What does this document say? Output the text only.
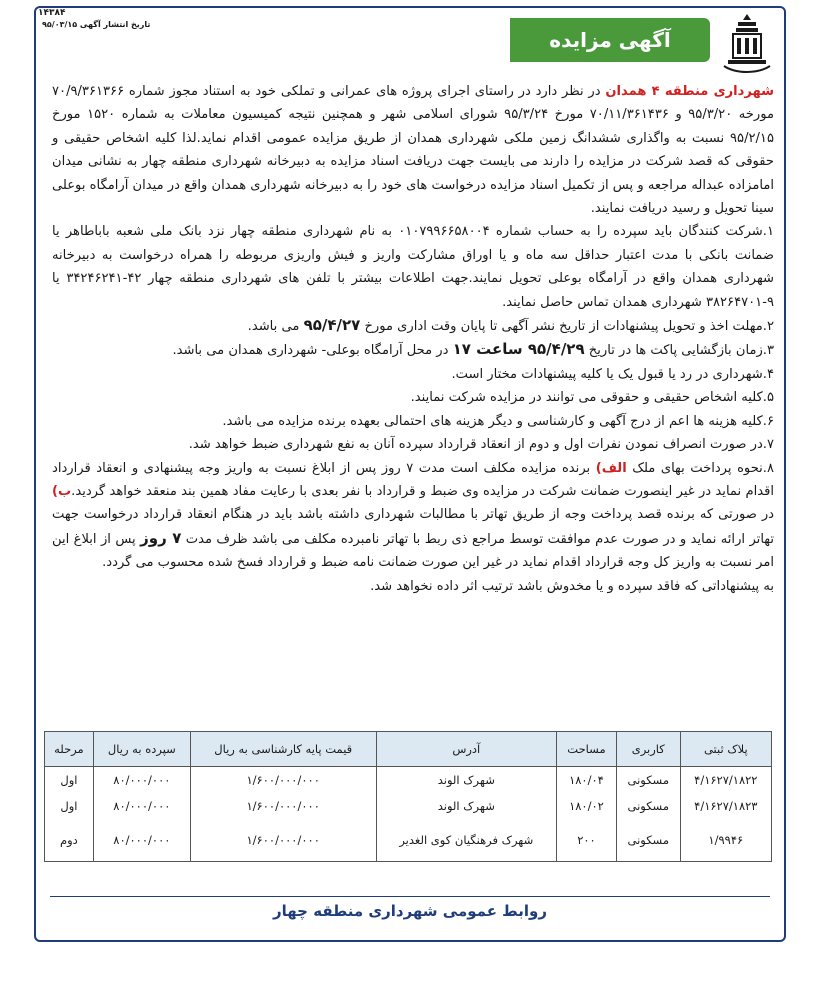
۱۴۳۸۴
تاریخ انتشار آگهی ۹۵/۰۳/۱۵
آگهی مزایده

شهرداری منطقه ۴ همدان در نظر دارد در راستای اجرای پروژه های عمرانی و تملکی خود به استناد مجوز شماره ۷۰/۹/۳۶۱۳۶۶ مورخه ۹۵/۳/۲۰ و ۷۰/۱۱/۳۶۱۴۳۶ مورخ ۹۵/۳/۲۴ شورای اسلامی شهر و همچنین نتیجه کمیسیون معاملات به شماره ۱۵۲۰ مورخ ۹۵/۲/۱۵ نسبت به واگذاری ششدانگ زمین ملکی شهرداری همدان از طریق مزایده عمومی اقدام نماید.لذا کلیه اشخاص حقیقی و حقوقی که قصد شرکت در مزایده را دارند می بایست جهت دریافت اسناد مزایده به دبیرخانه شهرداری منطقه چهار به نشانی میدان امامزاده عبداله مراجعه و پس از تکمیل اسناد مزایده درخواست های خود را به دبیرخانه شهرداری همدان واقع در میدان آرامگاه بوعلی سینا تحویل و رسید دریافت نمایند.

۱.شرکت کنندگان باید سپرده را به حساب شماره ۰۱۰۷۹۹۶۶۵۸۰۰۴ به نام شهرداری منطقه چهار نزد بانک ملی شعبه باباطاهر یا ضمانت بانکی با مدت اعتبار حداقل سه ماه و یا اوراق مشارکت واریز و فیش واریزی مربوطه را همراه درخواست به دبیرخانه شهرداری همدان واقع در آرامگاه بوعلی تحویل نمایند.جهت اطلاعات بیشتر با تلفن های شهرداری منطقه چهار ۴۲-۳۴۲۴۶۲۴۱ یا ۹-۳۸۲۶۴۷۰۱ شهرداری همدان تماس حاصل نمایند.

۲.مهلت اخذ و تحویل پیشنهادات از تاریخ نشر آگهی تا پایان وقت اداری مورخ ۹۵/۴/۲۷ می باشد.

۳.زمان بازگشایی پاکت ها در تاریخ ۹۵/۴/۲۹ ساعت ۱۷ در محل آرامگاه بوعلی- شهرداری همدان می باشد.

۴.شهرداری در رد یا قبول یک یا کلیه پیشنهادات مختار است.

۵.کلیه اشخاص حقیقی و حقوقی می توانند در مزایده شرکت نمایند.

۶.کلیه هزینه ها اعم از درج آگهی و کارشناسی و دیگر هزینه های احتمالی بعهده برنده مزایده می باشد.

۷.در صورت انصراف نمودن نفرات اول و دوم از انعقاد قرارداد سپرده آنان به نفع شهرداری ضبط خواهد شد.

۸.نحوه پرداخت بهای ملک الف) برنده مزایده مکلف است مدت ۷ روز پس از ابلاغ نسبت به واریز وجه پیشنهادی و انعقاد قرارداد اقدام نماید در غیر اینصورت ضمانت شرکت در مزایده وی ضبط و قرارداد با نفر بعدی با رعایت مفاد همین بند منعقد خواهد گردید.ب) در صورتی که برنده قصد پرداخت وجه از طریق تهاتر با مطالبات شهرداری داشته باشد باید در هنگام انعقاد قرارداد درخواست جهت تهاتر ارائه نماید و در صورت عدم موافقت توسط مراجع ذی ربط با تهاتر نامبرده مکلف می باشد ظرف مدت ۷ روز پس از ابلاغ این امر نسبت به واریز کل وجه قرارداد اقدام نماید در غیر این صورت ضمانت نامه ضبط و قرارداد فسخ شده محسوب می گردد.

به پیشنهاداتی که فاقد سپرده و یا مخدوش باشد ترتیب اثر داده نخواهد شد.

پلاک ثبتی	کاربری	مساحت	آدرس	قیمت پایه کارشناسی به ریال	سپرده به ریال	مرحله
۴/۱۶۲۷/۱۸۲۲	مسکونی	۱۸۰/۰۴	شهرک الوند	۱/۶۰۰/۰۰۰/۰۰۰	۸۰/۰۰۰/۰۰۰	اول
۴/۱۶۲۷/۱۸۲۳	مسکونی	۱۸۰/۰۲	شهرک الوند	۱/۶۰۰/۰۰۰/۰۰۰	۸۰/۰۰۰/۰۰۰	اول
۱/۹۹۴۶	مسکونی	۲۰۰	شهرک فرهنگیان کوی الغدیر	۱/۶۰۰/۰۰۰/۰۰۰	۸۰/۰۰۰/۰۰۰	دوم
روابط عمومی شهرداری منطقه چهار
